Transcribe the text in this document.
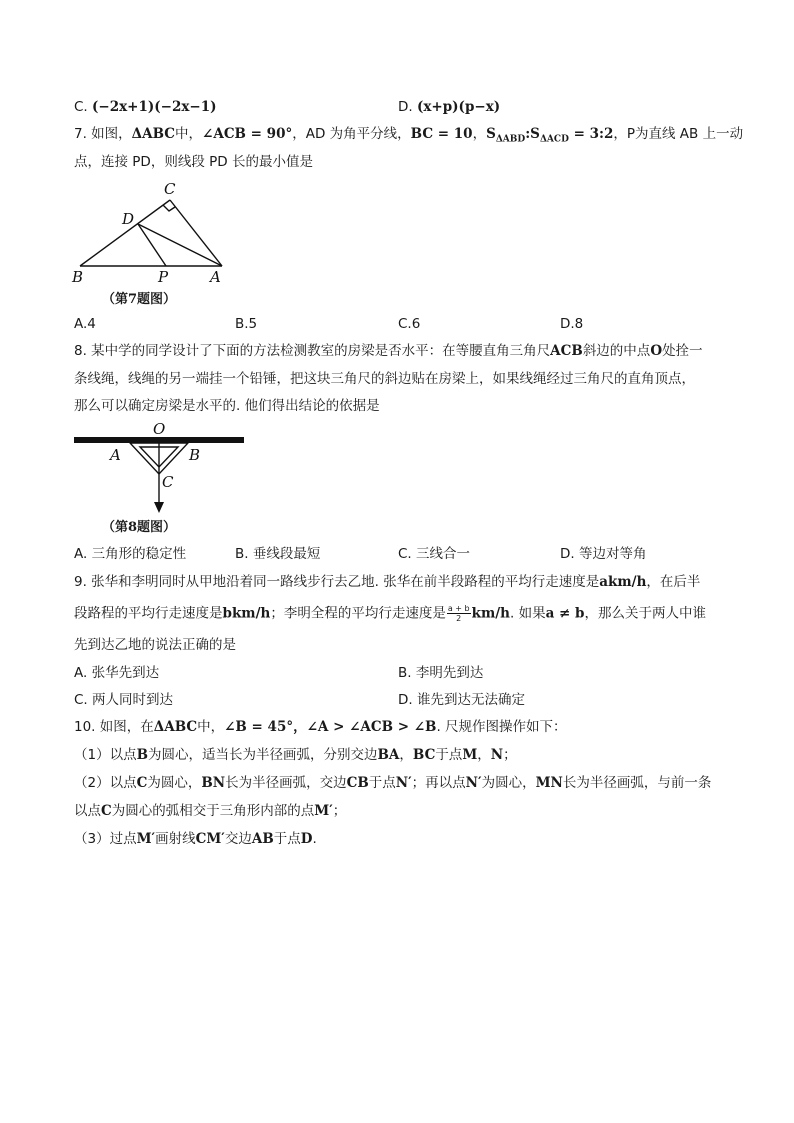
C. (−2x+1)(−2x−1)	D. (x+p)(p−x)
7. 如图，ΔABC中，∠ACB = 90°，AD 为角平分线，BC = 10，$S_{\Delta ABD}:S_{\Delta ACD}$ = 3:2，P为直线 AB 上一动
点，连接 PD，则线段 PD 长的最小值是
C
D
B	P	A
（第7题图）
A.4	B.5	C.6	D.8
8. 某中学的同学设计了下面的方法检测教室的房梁是否水平：在等腰直角三角尺ACB斜边的中点O处拴一
条线绳，线绳的另一端挂一个铅锤，把这块三角尺的斜边贴在房梁上，如果线绳经过三角尺的直角顶点，
那么可以确定房梁是水平的. 他们得出结论的依据是
O
A	B
C
（第8题图）
A. 三角形的稳定性	B. 垂线段最短	C. 三线合一	D. 等边对等角
9. 张华和李明同时从甲地沿着同一路线步行去乙地. 张华在前半段路程的平均行走速度是akm/h，在后半
段路程的平均行走速度是bkm/h；李明全程的平均行走速度是 $\frac{a + b}{2} km/h$. 如果a ≠ b，那么关于两人中谁
先到达乙地的说法正确的是
A. 张华先到达	B. 李明先到达
C. 两人同时到达	D. 谁先到达无法确定
10. 如图，在ΔABC中，∠B = 45°，∠A > ∠ACB > ∠B. 尺规作图操作如下：
（1）以点B为圆心，适当长为半径画弧，分别交边BA，BC于点M，N；
（2）以点C为圆心，BN长为半径画弧，交边CB于点N′；再以点N′为圆心，MN长为半径画弧，与前一条
以点C为圆心的弧相交于三角形内部的点M′；
（3）过点M′画射线CM′交边AB于点D.
